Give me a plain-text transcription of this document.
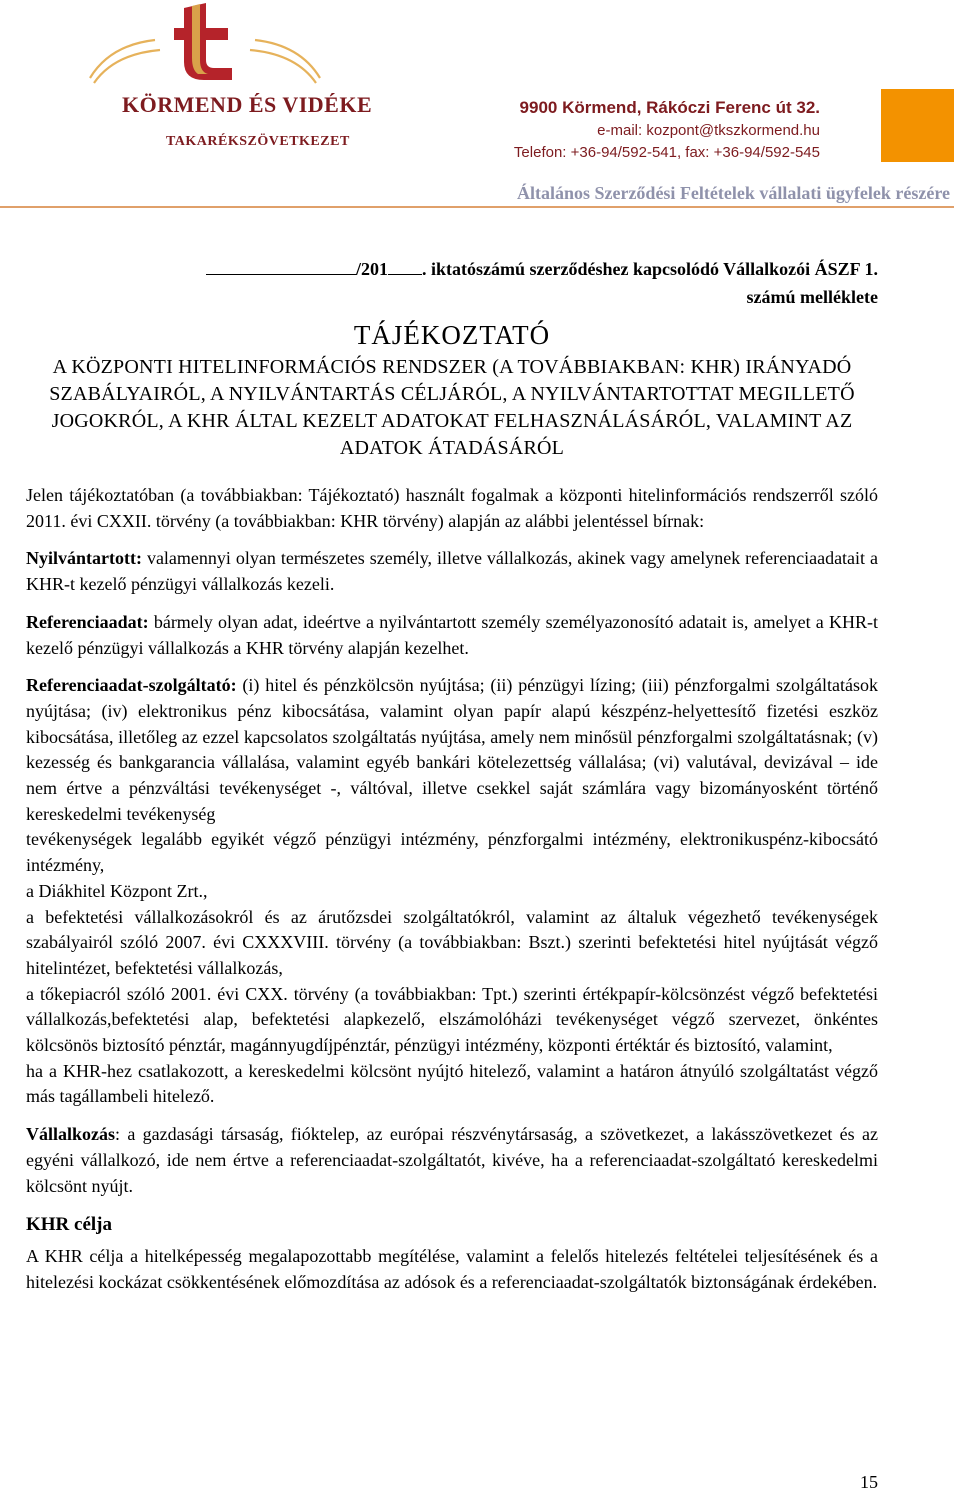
KÖRMEND ÉS VIDÉKE
TAKARÉKSZÖVETKEZET
9900 Körmend, Rákóczi Ferenc út 32.
e-mail: kozpont@tkszkormend.hu
Telefon: +36-94/592-541, fax: +36-94/592-545
Általános Szerződési Feltételek vállalati ügyfelek részére
/201 . iktatószámú szerződéshez kapcsolódó Vállalkozói ÁSZF 1.
számú melléklete
TÁJÉKOZTATÓ
A KÖZPONTI HITELINFORMÁCIÓS RENDSZER (A TOVÁBBIAKBAN: KHR) IRÁNYADÓ SZABÁLYAIRÓL, A NYILVÁNTARTÁS CÉLJÁRÓL, A NYILVÁNTARTOTTAT MEGILLETŐ JOGOKRÓL, A KHR ÁLTAL KEZELT ADATOKAT FELHASZNÁLÁSÁRÓL, VALAMINT AZ ADATOK ÁTADÁSÁRÓL

Jelen tájékoztatóban (a továbbiakban: Tájékoztató) használt fogalmak a központi hitelinformációs rendszerről szóló 2011. évi CXXII. törvény (a továbbiakban: KHR törvény) alapján az alábbi jelentéssel bírnak:

Nyilvántartott: valamennyi olyan természetes személy, illetve vállalkozás, akinek vagy amelynek referenciaadatait a KHR-t kezelő pénzügyi vállalkozás kezeli.

Referenciaadat: bármely olyan adat, ideértve a nyilvántartott személy személyazonosító adatait is, amelyet a KHR-t kezelő pénzügyi vállalkozás a KHR törvény alapján kezelhet.

Referenciaadat-szolgáltató: (i) hitel és pénzkölcsön nyújtása; (ii) pénzügyi lízing; (iii) pénzforgalmi szolgáltatások nyújtása; (iv) elektronikus pénz kibocsátása, valamint olyan papír alapú készpénz-helyettesítő fizetési eszköz kibocsátása, illetőleg az ezzel kapcsolatos szolgáltatás nyújtása, amely nem minősül pénzforgalmi szolgáltatásnak; (v) kezesség és bankgarancia vállalása, valamint egyéb bankári kötelezettség vállalása; (vi) valutával, devizával – ide nem értve a pénzváltási tevékenységet -, váltóval, illetve csekkel saját számlára vagy bizományosként történő kereskedelmi tevékenység

tevékenységek legalább egyikét végző pénzügyi intézmény, pénzforgalmi intézmény, elektronikuspénz-kibocsátó intézmény,

a Diákhitel Központ Zrt.,

a befektetési vállalkozásokról és az árutőzsdei szolgáltatókról, valamint az általuk végezhető tevékenységek szabályairól szóló 2007. évi CXXXVIII. törvény (a továbbiakban: Bszt.) szerinti befektetési hitel nyújtását végző hitelintézet, befektetési vállalkozás,

a tőkepiacról szóló 2001. évi CXX. törvény (a továbbiakban: Tpt.) szerinti értékpapír-kölcsönzést végző befektetési vállalkozás,befektetési alap, befektetési alapkezelő, elszámolóházi tevékenységet végző szervezet, önkéntes kölcsönös biztosító pénztár, magánnyugdíjpénztár, pénzügyi intézmény, központi értéktár és biztosító, valamint,

ha a KHR-hez csatlakozott, a kereskedelmi kölcsönt nyújtó hitelező, valamint a határon átnyúló szolgáltatást végző más tagállambeli hitelező.

Vállalkozás: a gazdasági társaság, fióktelep, az európai részvénytársaság, a szövetkezet, a lakásszövetkezet és az egyéni vállalkozó, ide nem értve a referenciaadat-szolgáltatót, kivéve, ha a referenciaadat-szolgáltató kereskedelmi kölcsönt nyújt.

KHR célja

A KHR célja a hitelképesség megalapozottabb megítélése, valamint a felelős hitelezés feltételei teljesítésének és a hitelezési kockázat csökkentésének előmozdítása az adósok és a referenciaadat-szolgáltatók biztonságának érdekében.

15
